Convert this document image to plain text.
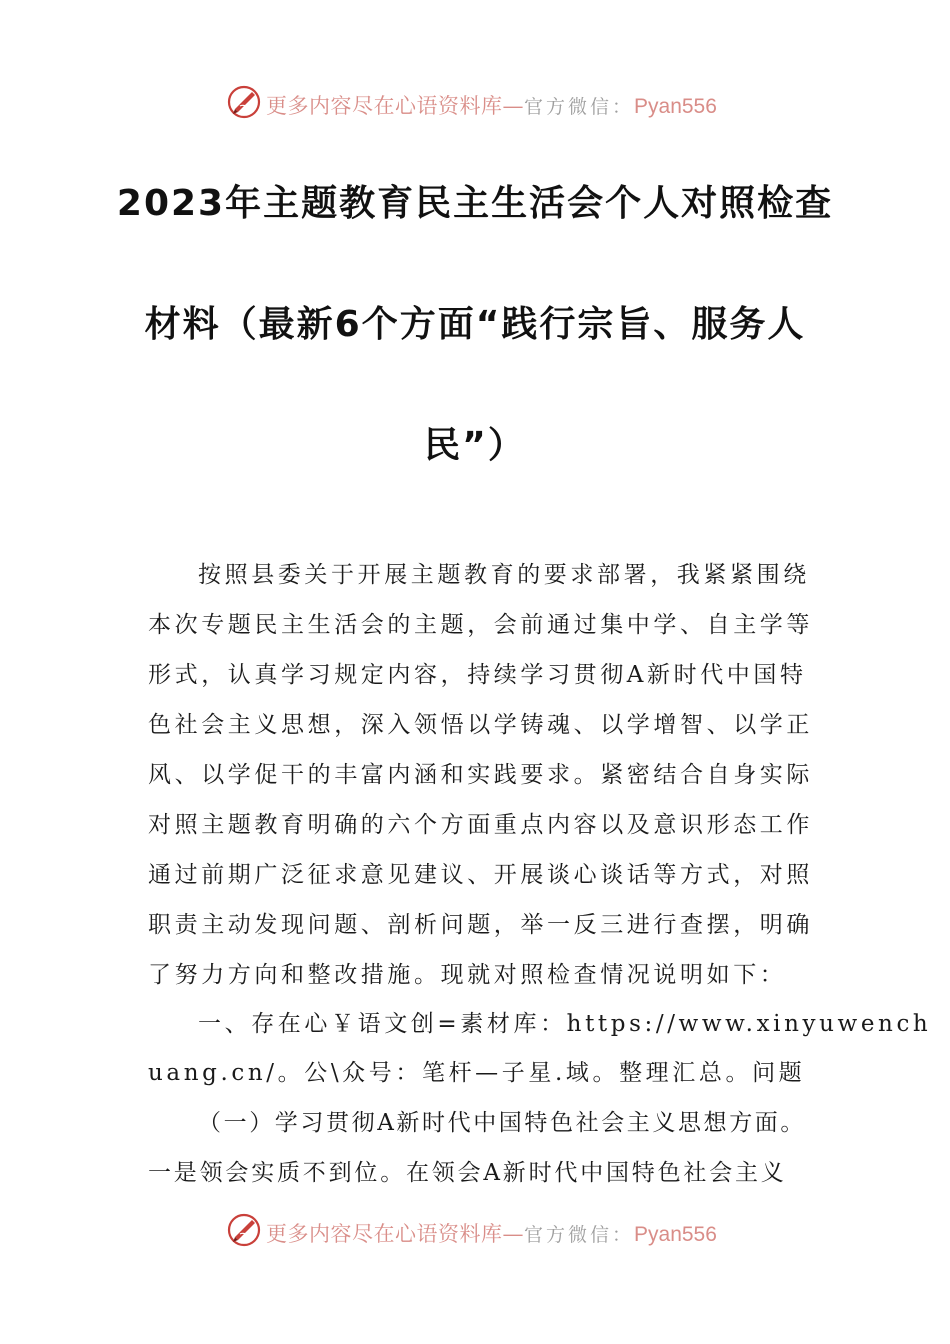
更多内容尽在心语资料库—官方微信：Pyan556
2023年主题教育民主生活会个人对照检查
材料（最新6个方面“践行宗旨、服务人
民”）
按照县委关于开展主题教育的要求部署，我紧紧围绕
本次专题民主生活会的主题，会前通过集中学、自主学等
形式，认真学习规定内容，持续学习贯彻A新时代中国特
色社会主义思想，深入领悟以学铸魂、以学增智、以学正
风、以学促干的丰富内涵和实践要求。紧密结合自身实际
对照主题教育明确的六个方面重点内容以及意识形态工作
通过前期广泛征求意见建议、开展谈心谈话等方式，对照
职责主动发现问题、剖析问题，举一反三进行查摆，明确
了努力方向和整改措施。现就对照检查情况说明如下：
一、存在心￥语文创=素材库：https://www.xinyuwench
uang.cn/。公\众号：笔杆—子星.域。整理汇总。问题
（一）学习贯彻A新时代中国特色社会主义思想方面。
一是领会实质不到位。在领会A新时代中国特色社会主义
更多内容尽在心语资料库—官方微信：Pyan556
